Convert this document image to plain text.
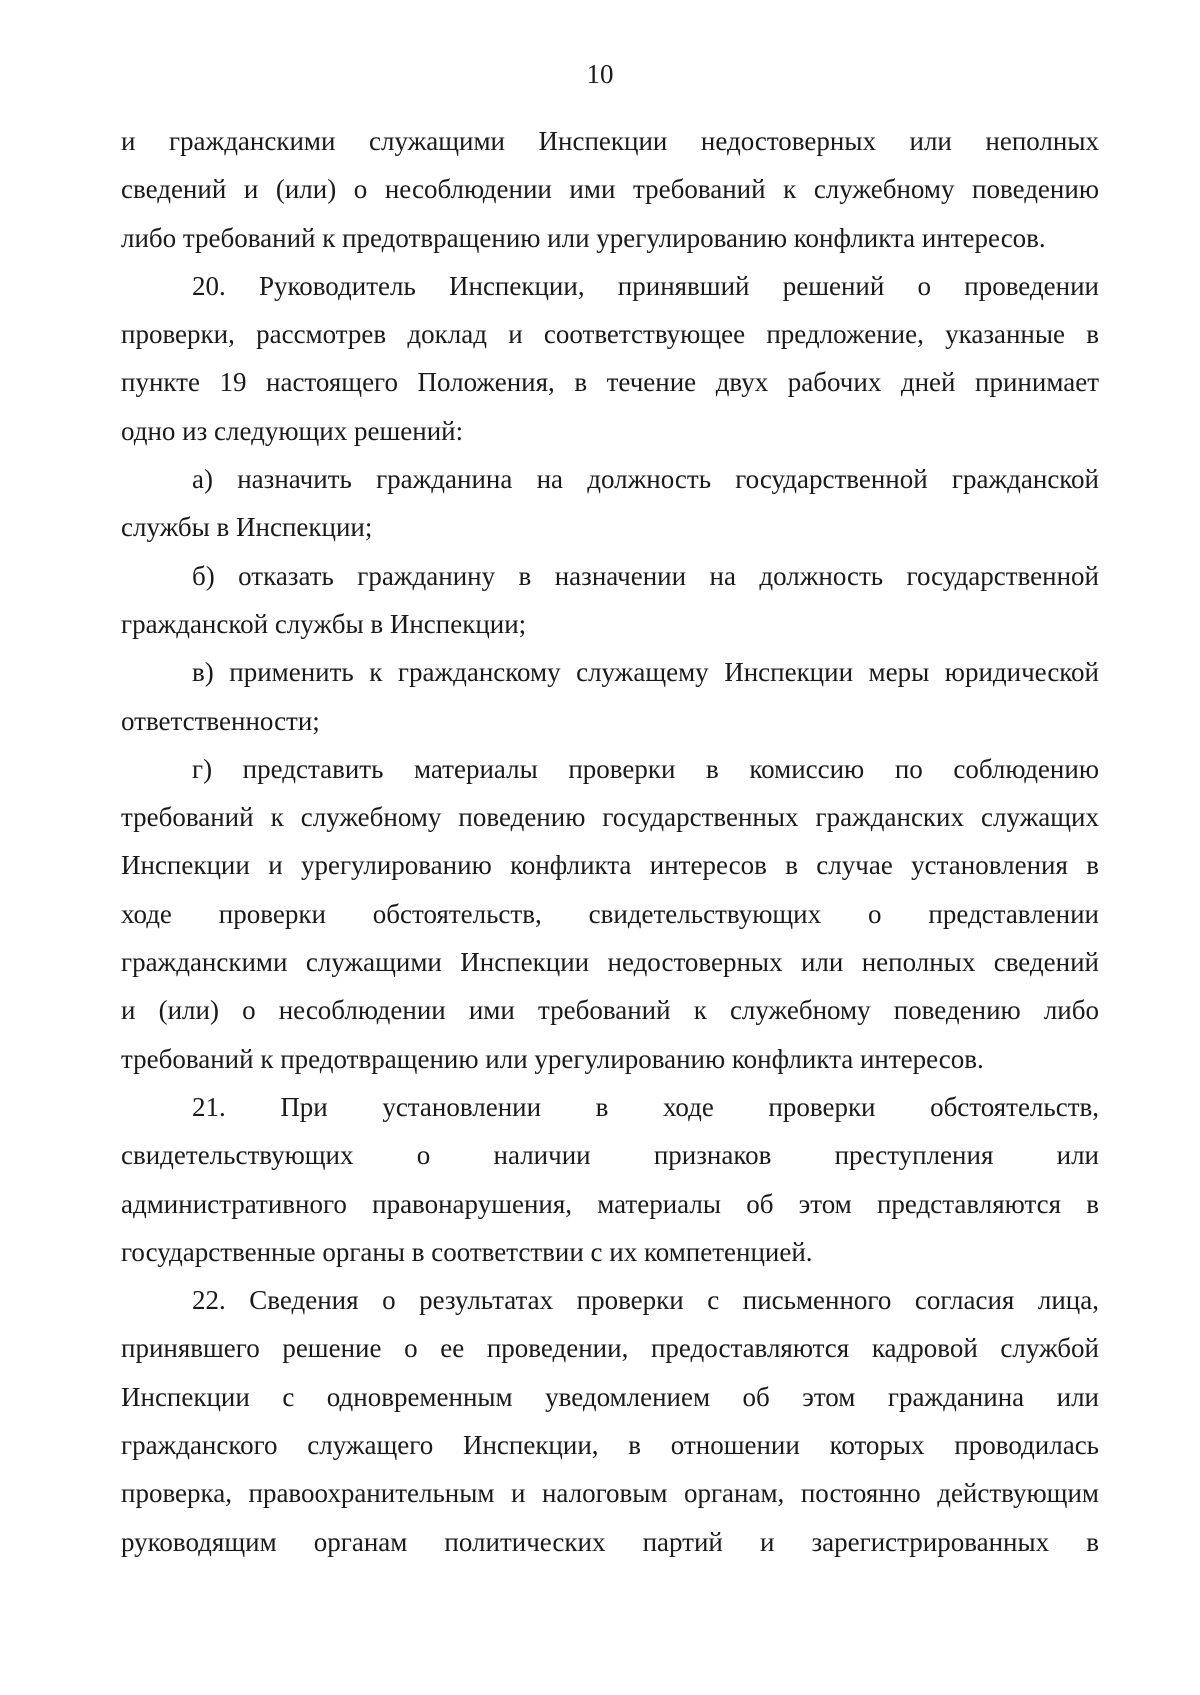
10
и гражданскими служащими Инспекции недостоверных или неполных
сведений и (или) о несоблюдении ими требований к служебному поведению
либо требований к предотвращению или урегулированию конфликта интересов.
20. Руководитель Инспекции, принявший решений о проведении
проверки, рассмотрев доклад и соответствующее предложение, указанные в
пункте 19 настоящего Положения, в течение двух рабочих дней принимает
одно из следующих решений:
а) назначить гражданина на должность государственной гражданской
службы в Инспекции;
б) отказать гражданину в назначении на должность государственной
гражданской службы в Инспекции;
в) применить к гражданскому служащему Инспекции меры юридической
ответственности;
г) представить материалы проверки в комиссию по соблюдению
требований к служебному поведению государственных гражданских служащих
Инспекции и урегулированию конфликта интересов в случае установления в
ходе проверки обстоятельств, свидетельствующих о представлении
гражданскими служащими Инспекции недостоверных или неполных сведений
и (или) о несоблюдении ими требований к служебному поведению либо
требований к предотвращению или урегулированию конфликта интересов.
21. При установлении в ходе проверки обстоятельств,
свидетельствующих о наличии признаков преступления или
административного правонарушения, материалы об этом представляются в
государственные органы в соответствии с их компетенцией.
22. Сведения о результатах проверки с письменного согласия лица,
принявшего решение о ее проведении, предоставляются кадровой службой
Инспекции с одновременным уведомлением об этом гражданина или
гражданского служащего Инспекции, в отношении которых проводилась
проверка, правоохранительным и налоговым органам, постоянно действующим
руководящим органам политических партий и зарегистрированных в
